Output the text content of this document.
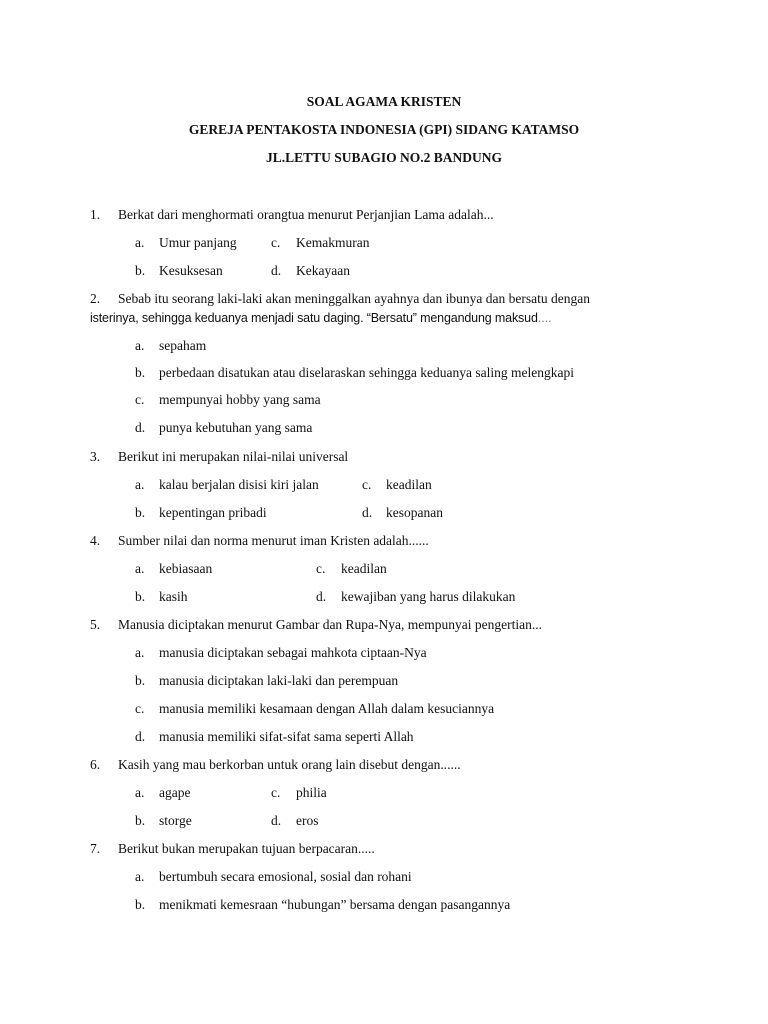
SOAL AGAMA KRISTEN
GEREJA PENTAKOSTA INDONESIA (GPI) SIDANG KATAMSO
JL.LETTU SUBAGIO NO.2 BANDUNG
1. Berkat dari menghormati orangtua menurut Perjanjian Lama adalah...
a. Umur panjang	c. Kemakmuran
b. Kesuksesan	d. Kekayaan
2. Sebab itu seorang laki-laki akan meninggalkan ayahnya dan ibunya dan bersatu dengan
isterinya, sehingga keduanya menjadi satu daging. “Bersatu” mengandung maksud....
a. sepaham
b. perbedaan disatukan atau diselaraskan sehingga keduanya saling melengkapi
c. mempunyai hobby yang sama
d. punya kebutuhan yang sama
3. Berikut ini merupakan nilai-nilai universal
a. kalau berjalan disisi kiri jalan	c. keadilan
b. kepentingan pribadi	d. kesopanan
4. Sumber nilai dan norma menurut iman Kristen adalah......
a. kebiasaan	c. keadilan
b. kasih	d. kewajiban yang harus dilakukan
5. Manusia diciptakan menurut Gambar dan Rupa-Nya, mempunyai pengertian...
a. manusia diciptakan sebagai mahkota ciptaan-Nya
b. manusia diciptakan laki-laki dan perempuan
c. manusia memiliki kesamaan dengan Allah dalam kesuciannya
d. manusia memiliki sifat-sifat sama seperti Allah
6. Kasih yang mau berkorban untuk orang lain disebut dengan......
a. agape	c. philia
b. storge	d. eros
7. Berikut bukan merupakan tujuan berpacaran.....
a. bertumbuh secara emosional, sosial dan rohani
b. menikmati kemesraan “hubungan” bersama dengan pasangannya
